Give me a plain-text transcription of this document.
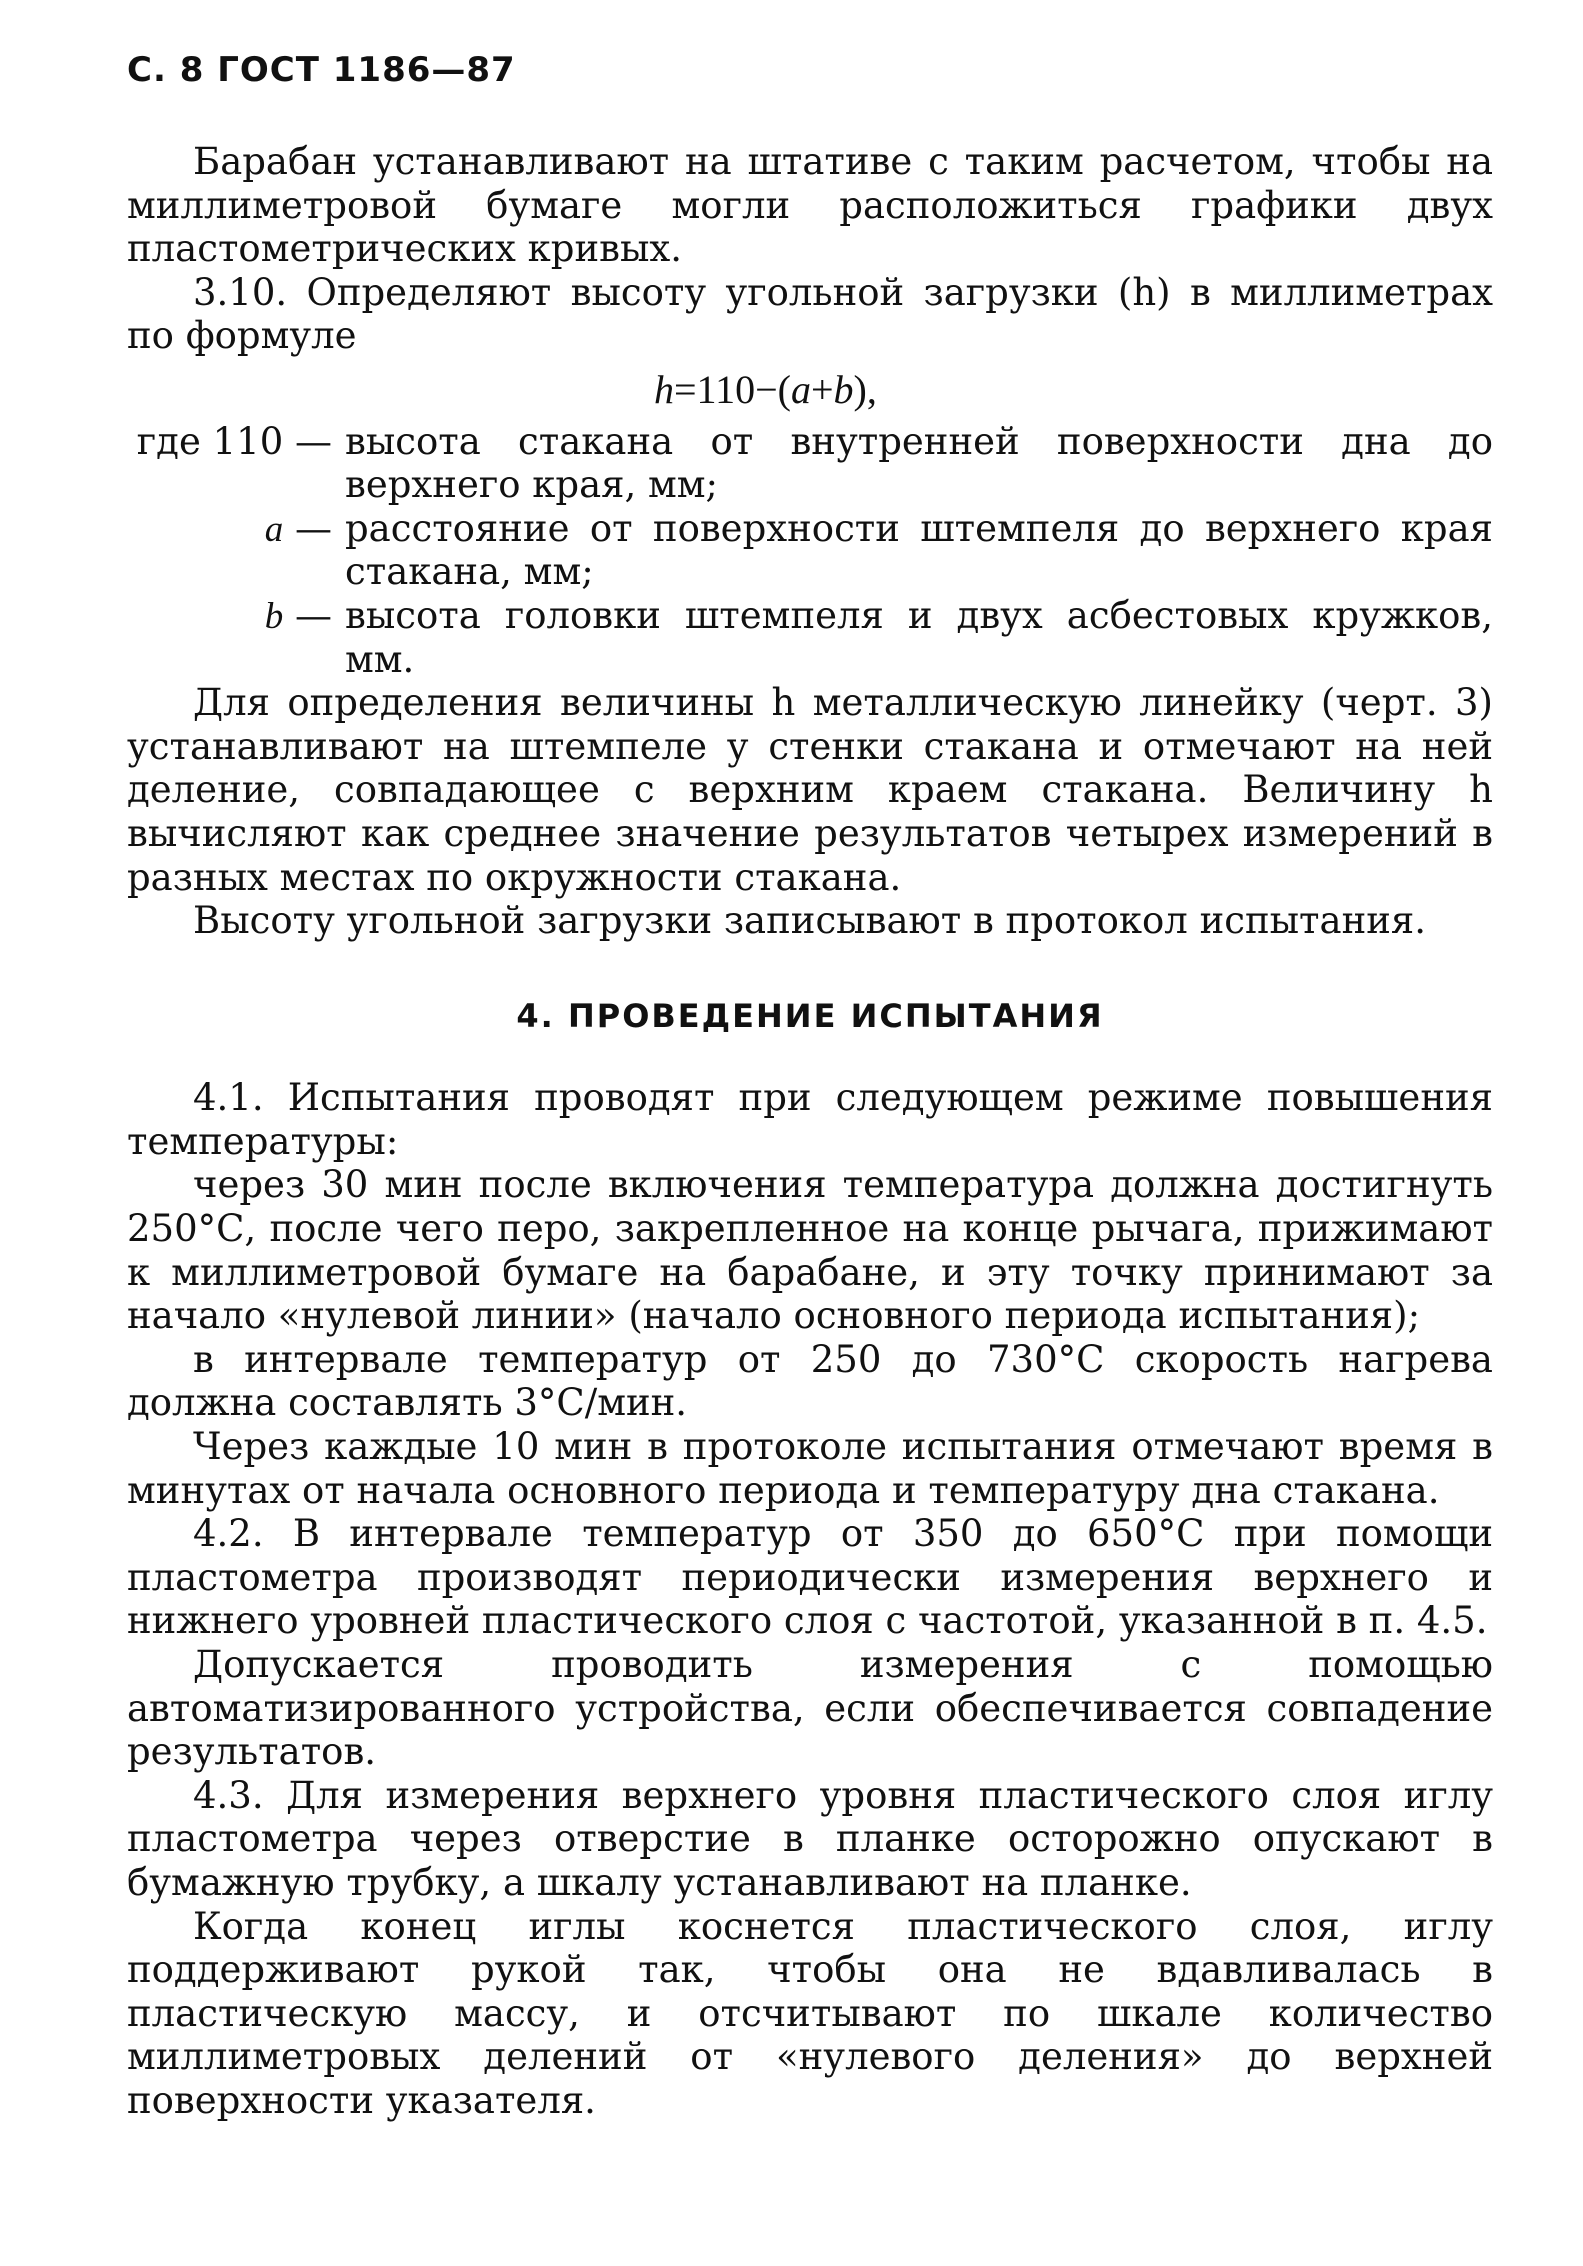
С. 8 ГОСТ 1186—87

Барабан устанавливают на штативе с таким расчетом, чтобы на миллиметровой бумаге могли расположиться графики двух пластометрических кривых.

3.10. Определяют высоту угольной загрузки (h) в миллиметрах по формуле

h=110−(a+b),
где 110 — высота стакана от внутренней поверхности дна до верхнего края, мм;
a — расстояние от поверхности штемпеля до верхнего края стакана, мм;
b — высота головки штемпеля и двух асбестовых кружков, мм.

Для определения величины h металлическую линейку (черт. 3) устанавливают на штемпеле у стенки стакана и отмечают на ней деление, совпадающее с верхним краем стакана. Величину h вычисляют как среднее значение результатов четырех измерений в разных местах по окружности стакана.

Высоту угольной загрузки записывают в протокол испытания.

4. ПРОВЕДЕНИЕ ИСПЫТАНИЯ

4.1. Испытания проводят при следующем режиме повышения температуры:

через 30 мин после включения температура должна достигнуть 250°С, после чего перо, закрепленное на конце рычага, прижимают к миллиметровой бумаге на барабане, и эту точку принимают за начало «нулевой линии» (начало основного периода испытания);

в интервале температур от 250 до 730°С скорость нагрева должна составлять 3°С/мин.

Через каждые 10 мин в протоколе испытания отмечают время в минутах от начала основного периода и температуру дна стакана.

4.2. В интервале температур от 350 до 650°С при помощи пластометра производят периодически измерения верхнего и нижнего уровней пластического слоя с частотой, указанной в п. 4.5.

Допускается проводить измерения с помощью автоматизированного устройства, если обеспечивается совпадение результатов.

4.3. Для измерения верхнего уровня пластического слоя иглу пластометра через отверстие в планке осторожно опускают в бумажную трубку, а шкалу устанавливают на планке.

Когда конец иглы коснется пластического слоя, иглу поддерживают рукой так, чтобы она не вдавливалась в пластическую массу, и отсчитывают по шкале количество миллиметровых делений от «нулевого деления» до верхней поверхности указателя.
